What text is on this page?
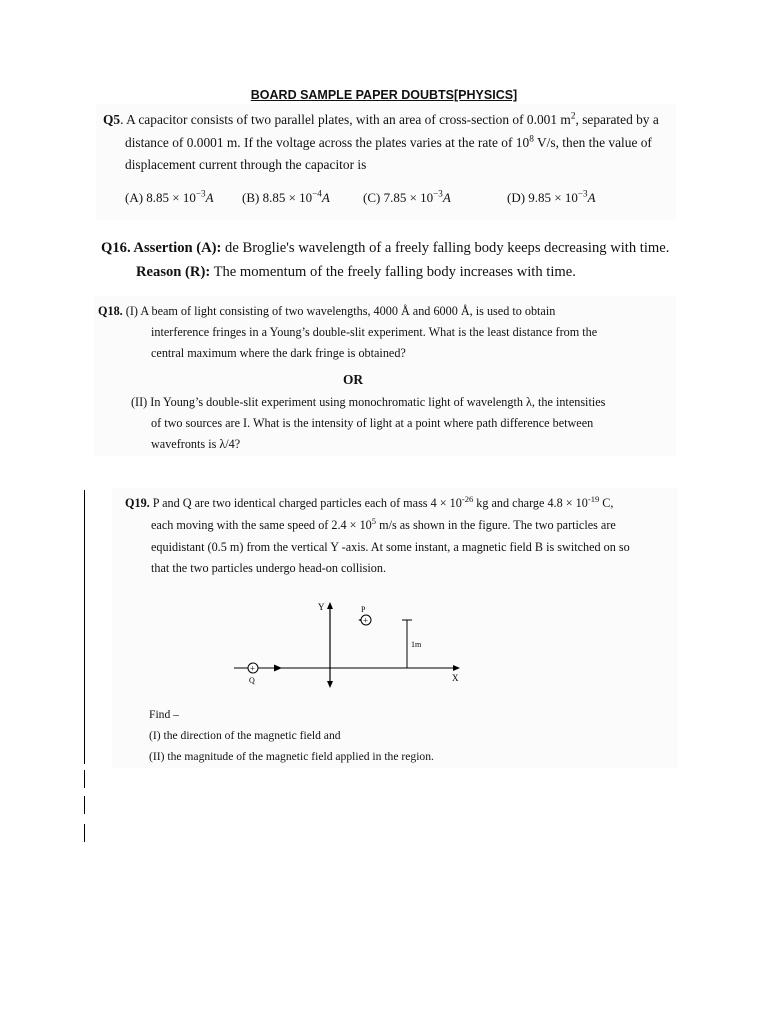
BOARD SAMPLE PAPER DOUBTS[PHYSICS]
Q5. A capacitor consists of two parallel plates, with an area of cross-section of 0.001 $m^2$, separated by a
distance of 0.0001 m. If the voltage across the plates varies at the rate of $10^8$ V/s, then the value of
displacement current through the capacitor is
(A) $8.85 \times 10^{-3}A$ (B) $8.85 \times 10^{-4}A$	(C) $7.85 \times 10^{-3}A$	(D) $9.85 \times 10^{-3}A$
Q16. Assertion (A): de Broglie's wavelength of a freely falling body keeps decreasing with time.
Reason (R): The momentum of the freely falling body increases with time.
Q18. (I) A beam of light consisting of two wavelengths, 4000 Å and 6000 Å, is used to obtain
interference fringes in a Young’s double-slit experiment. What is the least distance from the
central maximum where the dark fringe is obtained?
OR
(II) In Young’s double-slit experiment using monochromatic light of wavelength λ, the intensities
of two sources are I. What is the intensity of light at a point where path difference between
wavefronts is λ/4?
Q19. P and Q are two identical charged particles each of mass $4 \times 10^{-26}$ kg and charge $4.8 \times 10^{-19}$ C,
each moving with the same speed of $2.4 \times 10^5$ m/s as shown in the figure. The two particles are
equidistant (0.5 m) from the vertical Y -axis. At some instant, a magnetic field B is switched on so
that the two particles undergo head-on collision.
Y
X
1m
P
+
+
Q
Find –
(I) the direction of the magnetic field and
(II) the magnitude of the magnetic field applied in the region.
